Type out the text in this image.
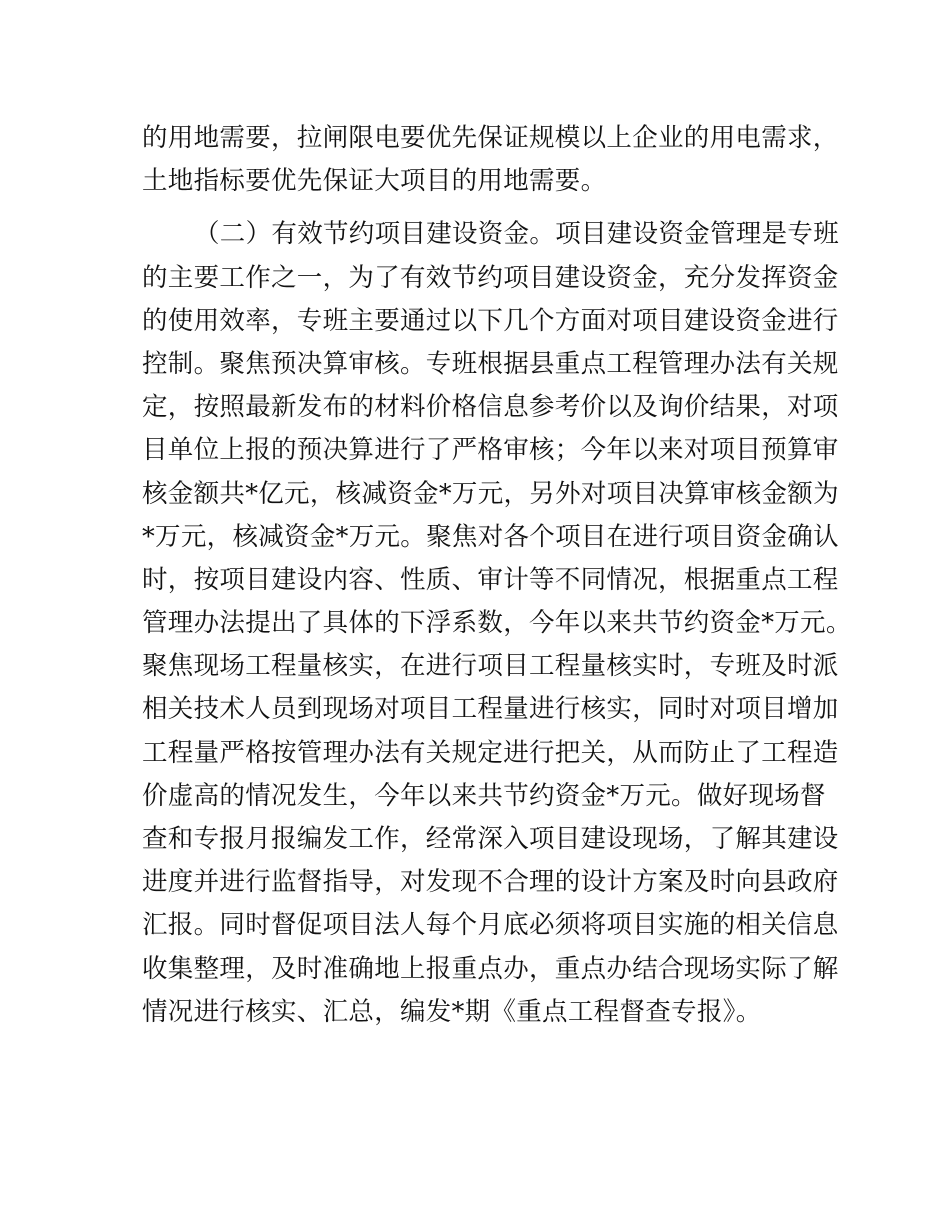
的用地需要，拉闸限电要优先保证规模以上企业的用电需求，
土地指标要优先保证大项目的用地需要。
（二）有效节约项目建设资金。项目建设资金管理是专班
的主要工作之一，为了有效节约项目建设资金，充分发挥资金
的使用效率，专班主要通过以下几个方面对项目建设资金进行
控制。聚焦预决算审核。专班根据县重点工程管理办法有关规
定，按照最新发布的材料价格信息参考价以及询价结果，对项
目单位上报的预决算进行了严格审核；今年以来对项目预算审
核金额共*亿元，核减资金*万元，另外对项目决算审核金额为
*万元，核减资金*万元。聚焦对各个项目在进行项目资金确认
时，按项目建设内容、性质、审计等不同情况，根据重点工程
管理办法提出了具体的下浮系数，今年以来共节约资金*万元。
聚焦现场工程量核实，在进行项目工程量核实时，专班及时派
相关技术人员到现场对项目工程量进行核实，同时对项目增加
工程量严格按管理办法有关规定进行把关，从而防止了工程造
价虚高的情况发生，今年以来共节约资金*万元。做好现场督
查和专报月报编发工作，经常深入项目建设现场，了解其建设
进度并进行监督指导，对发现不合理的设计方案及时向县政府
汇报。同时督促项目法人每个月底必须将项目实施的相关信息
收集整理，及时准确地上报重点办，重点办结合现场实际了解
情况进行核实、汇总，编发*期《重点工程督查专报》。
